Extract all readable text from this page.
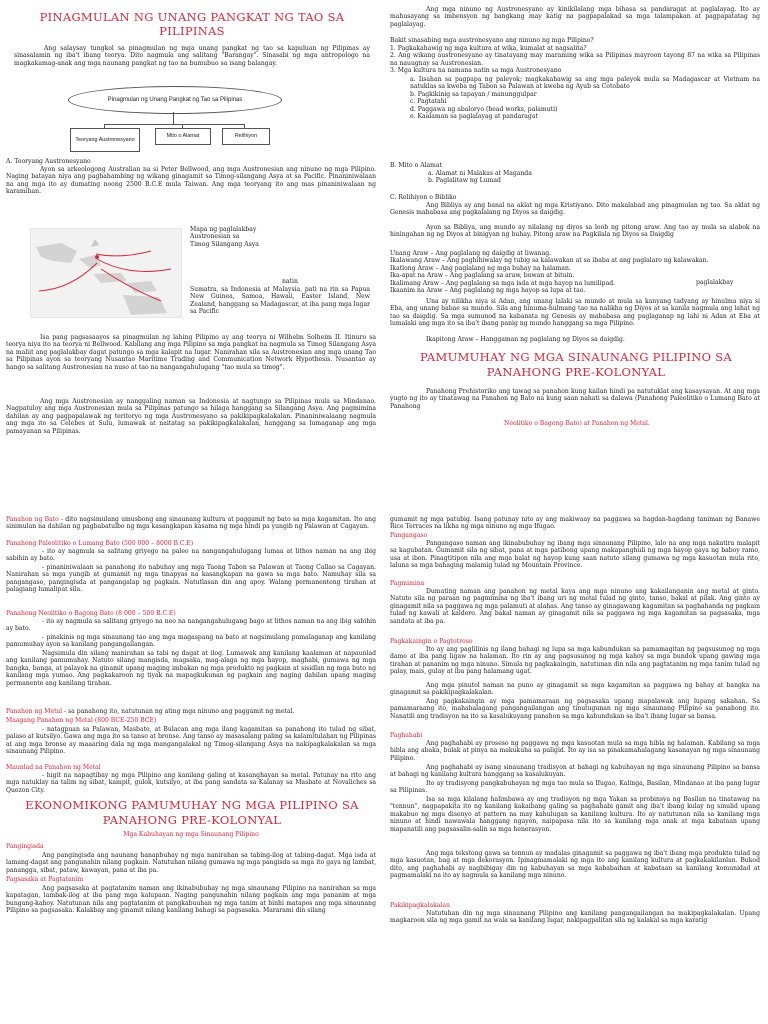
PINAGMULAN NG UNANG PANGKAT NG TAO SA PILIPINAS

Ang salaysay tungkol sa pinagmulan ng mga unang pangkat ng tao sa kapuluan ng Pilipinas ay sinasalamin ng iba't ibang teorya. Dito nagmula ang salitang "Barangay". Sinasabi ng mga antropologo na magkakamag-anak ang mga naunang pangkat ng tao na bumubuo sa isang balangay.

Pinagmulan ng Unang Pangkat ng Tao sa Pilipinas
Teoryang Austronesyano
Mito o Alamat	Relihiyon

A. Teoryang Austronesyano

Ayon sa arkeologong Australian na si Peter Bellwood, ang mga Austronesian ang ninuno ng mga Pilipino. Naging batayan niya ang paghahambing ng wikang ginagamit sa Timog-silangang Asya at sa Pacific. Pinaniniwalaan na ang mga ito ay dumating noong 2500 B.C.E mula Taiwan. Ang mga teoryang ito ang mas pinaniniwalaan ng karamihan.

Mapa ng paglalakbay
Austronesian sa
Timog Silangang Asya

natin

Sumatra, sa Indonesia at Malaysia, pati na rin sa Papua New Guinea, Samoa, Hawaii, Easter Island, New Zealand, hanggang sa Madagascar, at iba pang mga lugar sa Pacific

Isa pang pagsasaayos sa pinagmulan ng lahing Pilipino ay ang teorya ni Wilhelm Solheim II. Itinuro sa teorya niya ito na teorya ni Bellwood. Kabilang ang mga Pilipino sa mga pangkat na nagmula sa Timog Silangang Asya na maliit ang paglalakbay dagat patungo sa mga kalapit na lugar. Nanirahan sila sa Austronesian ang mga unang Tao sa Pilipinas ayon sa teoryang Nusantao Maritime Trading and Communication Network Hypothesis. Nusantao ay hango sa salitang Austronesian na nuso at tao na nangangahulugang "tao mula sa timog".

Ang mga Austronesian ay nanggaling naman sa Indonesia at nagtungo sa Pilipinas mula sa Mindanao. Nagpatuloy ang mga Austronesian mula sa Pilipinas patungo sa hilaga hanggang sa Silangang Asya. Ang pagmimina dahilan ay ang pagpapalawak ng teritoryo ng mga Austronesyano sa pakikipagkalakalan. Pinaniniwalaang nagmula ang mga ito sa Celebes at Sulu, lumawak at naitatag sa pakikipagkalakalan, hanggang sa lumaganap ang mga pamayanan sa Pilipinas.

Ang mga ninuno ng Austronesyano ay kinikilalang mga bihasa sa pandaragat at paglalayag. Ito ay mahusayang sa imbensyon ng bangkang may katig na pagpapalakad sa mga talampakan at pagpapatatag ng paglalayag.

Bakit sinasabing mga austronesyano ang ninuno ng mga Pilipino?

1. Pagkakahawig ng mga kultura at wika, kumalat at nagsalita?
2. Ang wikang austronesyano ay tinatayang may maraming wika sa Pilipinas mayroon tayong 87 na wika sa Pilipinas na nauugnay sa Austronesian.
3. Mga kultura na namana natin sa mga Austronesyano
a. Iisahan sa pagpapa ng paleyok; magkakahawig sa ang mga paleyok mula sa Madagascar at Vietnam na natuklas sa kweba ng Tabon sa Palawan at kweba ng Ayub sa Cotobato
b. Pagkikinig sa tapayan / manunggulpar
c. Pagtatahi
d. Paggawa ng abaloryo (bead works, palamuti)
e. Kaalaman sa paglalayag at pandaragat

B. Mito o Alamat

a. Alamat ni Malakas at Maganda
b. Paglalitaw ng Lumad

C. Relihiyon o Bibliko

Ang Bibliya ay ang banal na aklat ng mga Kristiyano. Dito makalabad ang pinagmulan ng tao. Sa aklat ng Genesis mababasa ang pagkalalang ng Diyos sa daigdig.

Ayon sa Bibliya, ang mundo ay nilalang ng diyos sa loob ng pitong araw. Ang tao ay mula sa alabok na hiningahan ng ng Diyos at binigyan ng buhay. Pitong araw na Pagkilala ng Diyos sa Daigdig

Unang Araw – Ang paglalang ng daigdig at liwanag.
Ikalawang Araw – Ang paghihiwalay ng tubig sa kalawakan at sa ibaba at ang paglalaro ng kalawakan.
Ikatlong Araw – Ang paglalang ng mga buhay na halaman.
Ika-apat na Araw – Ang paglalang sa araw, buwan at bituin.
Ikalimang Araw – Ang paglalang sa mga isda at mga hayop na lumilipad.
Ikaanim na Araw – Ang paglalang ng mga hayop sa lupa at tao.

paglalakbay

Una ay nilikha niya si Adan, ang unang lalaki sa mundo at mula sa kanyang tadyang ay hinulma niya si Eba, ang unang babae sa mundo. Sila ang hinuma-hulmang tao na nalikha ng Diyos at sa kanila nagmula ang lahat ng tao sa daigdig. Sa mga sumunod na kabanata ng Genesis ay mababasa ang paglaganap ng lahi ni Adan at Eba at lumalaki ang mga ito sa iba't ibang panig ng mundo hanggang sa mga Pilipino.

Ikapitong Araw – Hanggaman ng paglalang ng Diyos sa daigdig.

PAMUMUHAY NG MGA SINAUNANG PILIPINO SA PANAHONG PRE-KOLONYAL

Panahong Prehistoriko ang tawag sa panahon kung kailan hindi pa natutuklat ang kasaysayan. At ang mga yugto ng ito ay tinatawag na Panahon ng Bato na kung saan nahati sa dalawa (Panahong Paleolitiko o Lumang Bato at Panahong

Neolitiko o Bagong Bato) at Panahon ng Metal.

Panahon ng Bato - dito nagsimulang umusbong ang sinaunang kultura at paggamit ng bato sa mga kagamitan. Ito ang sinimulan na dahilan ng pagbabatulbo ng mga kasangkapan kasama ng mga hindi pa yungib ng Palawan at Cagayan.

Panahong Paleolitiko o Lumang Bato (500 000 – 8000 B.C.E)

- ito ay nagmula sa salitang griyego na paleo na nangangahulugang lumaa at lithos naman na ang ibig sabihin ay bato.

- pinaniniwalaan sa panahong ito nabuhay ang mga Taong Tabon sa Palawan at Taong Callao sa Cagayan. Nanirahan sa mga yungib at gumamit ng mga tinapyas na kasangkapan na gawa sa mga bato. Namuhay sila sa pangangaso, pangingisda at pangangalap ng pagkain. Natutlasan din ang apoy. Walang permanenteng tirahan at palagiang lumalipat sila.

Panahong Neolitiko o Bagong Bato (8 000 – 500 B.C.E)

- ito ay nagmula sa salitang griyego na neo na nangangahulugang bago at lithos naman na ang ibig sabihin ay bato.

- pinakinis ng mga sinaunang tao ang mga magaspang na bato at nagsimulang pumalaganap ang kanilang pamumuhay ayon sa kanilang pangangailangan.

Nagsimula din silang manirahan sa tabi ng dagat at ilog. Lumawak ang kanilang kaalaman at napaunlad ang kanilang pamumuhay. Natuto silang mangisda, magsaka, mag-alaga ng mga hayop, maghabi, gumawa ng mga bangka, banga, at palayok na ginamit upang maging imbakan ng mga produkto ng pagkain at sisidlan ng mga buto ng kanilang mga yumao. Ang pagkakaroon ng tiyak na mapagkukunan ng pagkain ang naging dahilan upang maging permanente ang kanilang tirahan.

Panahon ng Metal - sa panahong ito, natutunan ng ating mga ninuno ang paggamit ng metal.

Maagang Panahon ng Metal (800 BCE-250 BCE)

- natagpuan sa Palawan, Masbate, at Bulacan ang mga ilang kagamitan sa panahong ito tulad ng sibat, palaso at kutsilyo. Gawa ang mga ito sa tanso at bronse. Ang tanso ay masasalang paling sa kalamitulahan ng Pilipinas at ang mga bronse ay maaaring dala ng mga mangangalakal ng Timog-silangang Asya na nakipagkalakalan sa mga sinaunang Pilipino.

Maunlad na Panahon ng Metal

- higit na napagtibay ng mga Pilipino ang kanilang galing at kasanghayan sa metal. Patunay na rito ang mga natuklay na talim ng sibat, kampit, gulok, kutsilyo, at iba pang sandata sa Kalanay sa Masbate at Novaliches sa Quezon City.

EKONOMIKONG PAMUMUHAY NG MGA PILIPINO SA PANAHONG PRE-KOLONYAL

Mga Kabuhayan ng mga Sinaunang Pilipino

Pangingisda

Ang pangingisda ang naunang hanapbuhay ng mga nanirahan sa tabing-ilog at tabing-dagat. Mga isda at lamang-dagat ang pangunahin nilang pagkain. Natutuhan nilang gumawa ng mga pangisda sa mga ito gaya ng lambat, panangga, sibat, pataw, kawayan, pana at iba pa.

Pagsasaka at Pagtatanim

Ang pagsasaka at pagtatanim naman ang ikinabubuhay ng mga sinaunang Pilipino na nanirahan sa mga kapatagan, lambak-ilog at iba pang mga kalupaan. Naging pangunahin nilang pagkain ang mga pananim at mga bungang-kahoy. Natutunan nila ang pagtatanim at pangkabuuhan ng mga tanim at binhi matapos ang mga sinaunang Pilipino sa pagsasaka. Kalakbay ang ginamit nilang kanilang bahagi sa pagsasaka. Mararami din silang

gumamit ng mga patubig. Isang patunay nito ay ang makiwaay na paggawa sa hagdan-hagdang taniman ng Banawe Rice Terraces na likha ng mga ninuno ng mga Ifugao.

Pangangaso

Pangangaso naman ang ikinabubuhay ng ibang mga sinaunang Pilipino, lalo na ang mga nakatira malapit sa kagubatan. Gumamit sila ng sibat, pana at mga patibong upang makapanghuli ng mga hayop gaya ng baboy ramo, usa at ibon. Pinagtitipon nila ang mga balat ng hayop kung saan natuto silang gumawa ng mga kasuotan mula rito, laluna sa mga bahaging malamig tulad ng Mountain Province.

Pagmimina

Dumating naman ang panahon ng metal kaya ang mga ninuno ang kakailanganin ang metal at ginto. Natuto sila ng paraan ng pagmimina ng iba't ibang uri ng metal tulad ng ginto, tanso, bakal at pilak. Ang ginto ay ginagamit nila sa paggawa ng mga palamuti at alahas. Ang tanso ay ginagawang kagamitan sa paghahanda ng pagkain tulad ng kawali at kaldero. Ang bakal naman ay ginagamit nila sa paggawa ng mga kagamitan sa pagsasaka, mga sandata at iba pa.

Pagkakaingin o Pagtotroso

Ito ay ang paglilinis ng ilang bahagi ng lupa sa mga kabundukan sa pamamagitan ng pagsusunog ng mga damo at iba pang ligaw na halaman. Ito rin ay ang pagsusunog ng mga kahoy sa mga bundok upang gawing mga tirahan at pananim ng mga ninuno. Simula ng pagkakaingin, natutunan din nila ang pagtatanim ng mga tanim tulad ng palay, mais, gulay at iba pang halamang ugat.

Ang mga pinutol naman na puno ay ginagamit sa mga kagamitan sa paggawa ng bahay at bangka na ginagamit sa pakikipagkalakalan.

Ang pagkakaingin ay mga pamamaraan ng pagsasaka upang mapalawak ang lupang sakahan. Sa pamamaraang ito, mahahalagang pangangailangan ang tinutugunan ng mga sinaunang Pilipino sa panahong ito. Nanatili ang tradisyon na ito sa kasalukuyang panahon sa mga kabundukan sa iba't ibang lugar sa bansa.

Paghahabi

Ang paghahabi ay proseso ng paggawa ng mga kasuotan mula sa mga hibla ng halaman. Kabilang sa mga hibla ang abaka, bulak at pinya na makukuha sa paligid. Ito ay isa sa pinakamahalagang kasanayan ng mga sinaunang Pilipino.

Ang paghahabi ay isang sinaunang tradisyon at bahagi ng kabuhayan ng mga sinaunang Pilipino sa bansa at bahagi ng kanilang kultura hanggang sa kasalukuyan.

Ito ay tradisyong pangkabuhayan ng mga tao mula sa Ifugao, Kalinga, Basilan, Mindanao at iba pang lugar sa Pilipinas.

Isa sa mga kilalang halimbawa ay ang tradisyon ng mga Yakan sa probinsya ng Basilan na tinatawag na "tennun", nagpapakita ito ng kanilang kakaibang galing sa paghahabi gamit ang iba't ibang kulay ng sinulid upang makabuo ng mga disenyo at pattern na may kahulugan sa kanilang kultura. Ito ay natutunan nila sa kanilang mga ninuno at hindi nawawala hanggang ngayon, naipapasa nila ito sa kanilang mga anak at mga kabataan upang mapanatili ang pagsasalin-salin sa mga henerasyon.

Ang mga tekstong gawa sa tennun ay madalas ginagamit sa paggawa ng iba't ibang mga produkto tulad ng mga kasuotan, bag at mga dekorasyon. Ipinagmamalaki ng mga ito ang kanilang kultura at pagkakakilanlan. Bukod dito, ang paghahabi ay nagbibigay din ng kabuhayan sa mga kababaihan at kabataan sa kanilang komunidad at pagmamalaki na ito ay nagmula sa kanilang mga ninuno.

Pakikipagkalakalan

Natutuhan din ng mga sinaunang Pilipino ang kanilang pangangailangan na makipagkalakalan. Upang magkaroon sila ng mga gamit na wala sa kanilang lugar, nakipagpalitan sila ng kalakal sa mga karatig
